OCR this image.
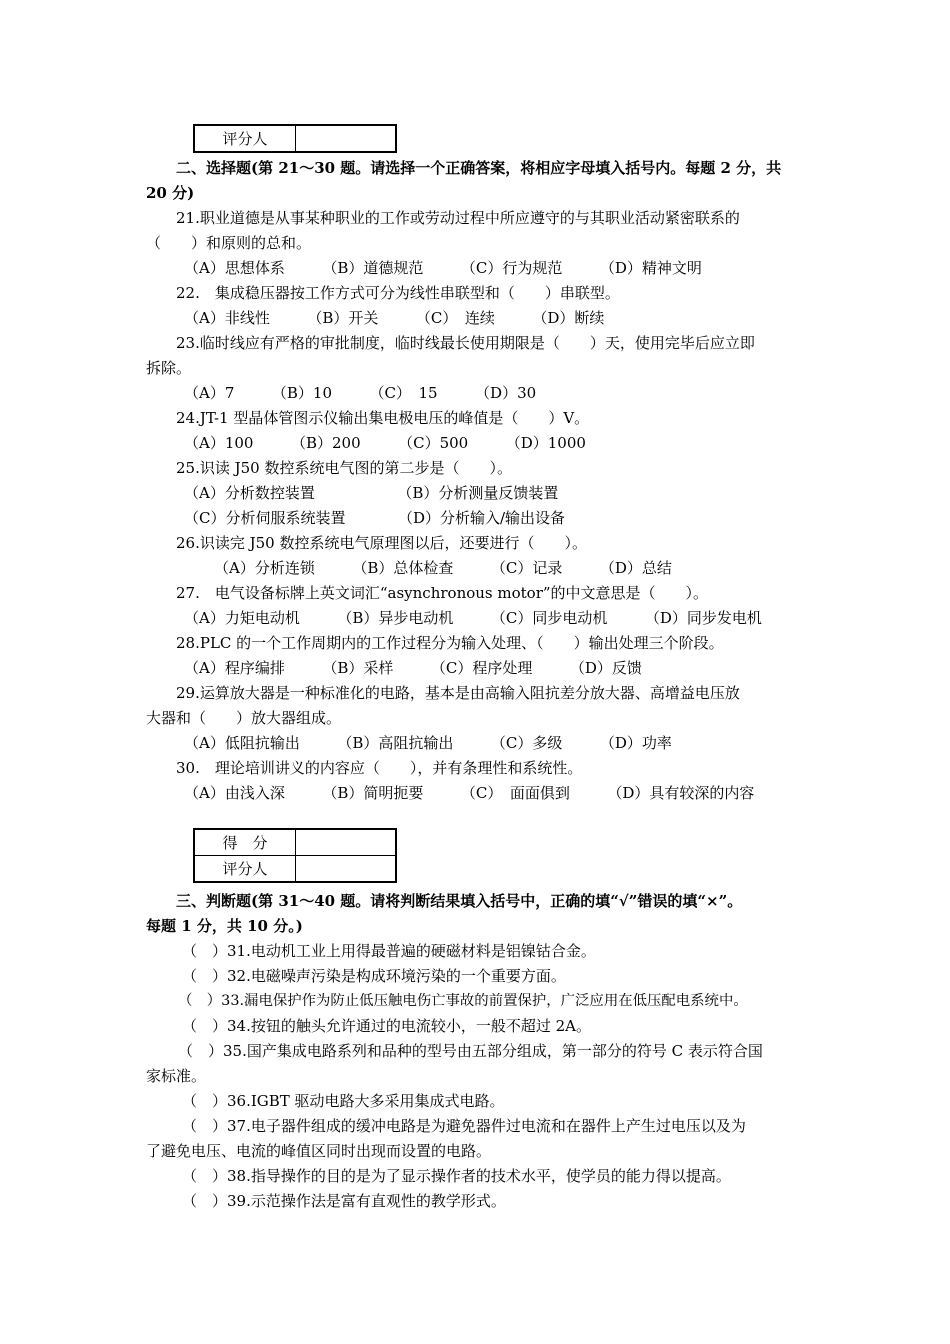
评分人	
二、选择题(第 21～30 题。请选择一个正确答案，将相应字母填入括号内。每题 2 分，共
20 分)
21.职业道德是从事某种职业的工作或劳动过程中所应遵守的与其职业活动紧密联系的
（　　）和原则的总和。
（A）思想体系　　　（B）道德规范　　　（C）行为规范　　　（D）精神文明
22.　集成稳压器按工作方式可分为线性串联型和（　　）串联型。
（A）非线性　　　（B）开关　　　（C）　连续　　　（D）断续
23.临时线应有严格的审批制度，临时线最长使用期限是（　　）天，使用完毕后应立即
拆除。
（A）7　　　（B）10　　　（C）　15　　　（D）30
24.JT-1 型晶体管图示仪输出集电极电压的峰值是（　　）V。
（A）100　　　（B）200　　　（C）500　　　（D）1000
25.识读 J50 数控系统电气图的第二步是（　　）。
（A）分析数控装置　　　　　　（B）分析测量反馈装置
（C）分析伺服系统装置　　　　（D）分析输入/输出设备
26.识读完 J50 数控系统电气原理图以后，还要进行（　　）。
（A）分析连锁　　　（B）总体检查　　　（C）记录　　　（D）总结
27.　电气设备标牌上英文词汇“asynchronous motor”的中文意思是（　　）。
（A）力矩电动机　　　（B）异步电动机　　　（C）同步电动机　　　（D）同步发电机
28.PLC 的一个工作周期内的工作过程分为输入处理、（　　）输出处理三个阶段。
（A）程序编排　　　（B）采样　　　（C）程序处理　　　（D）反馈
29.运算放大器是一种标准化的电路，基本是由高输入阻抗差分放大器、高增益电压放
大器和（　　）放大器组成。
（A）低阻抗输出　　　（B）高阻抗输出　　　（C）多级　　　（D）功率
30.　理论培训讲义的内容应（　　），并有条理性和系统性。
（A）由浅入深　　　（B）简明扼要　　　（C）　面面俱到　　　（D）具有较深的内容
得　分	
评分人	
三、判断题(第 31～40 题。请将判断结果填入括号中，正确的填“√”错误的填“×”。
每题 1 分，共 10 分。)
（　）31.电动机工业上用得最普遍的硬磁材料是铝镍钴合金。
（　）32.电磁噪声污染是构成环境污染的一个重要方面。
（　）33.漏电保护作为防止低压触电伤亡事故的前置保护，广泛应用在低压配电系统中。
（　）34.按钮的触头允许通过的电流较小，一般不超过 2A。
（　）35.国产集成电路系列和品种的型号由五部分组成，第一部分的符号 C 表示符合国
家标准。
（　）36.IGBT 驱动电路大多采用集成式电路。
（　）37.电子器件组成的缓冲电路是为避免器件过电流和在器件上产生过电压以及为
了避免电压、电流的峰值区同时出现而设置的电路。
（　）38.指导操作的目的是为了显示操作者的技术水平，使学员的能力得以提高。
（　）39.示范操作法是富有直观性的教学形式。
